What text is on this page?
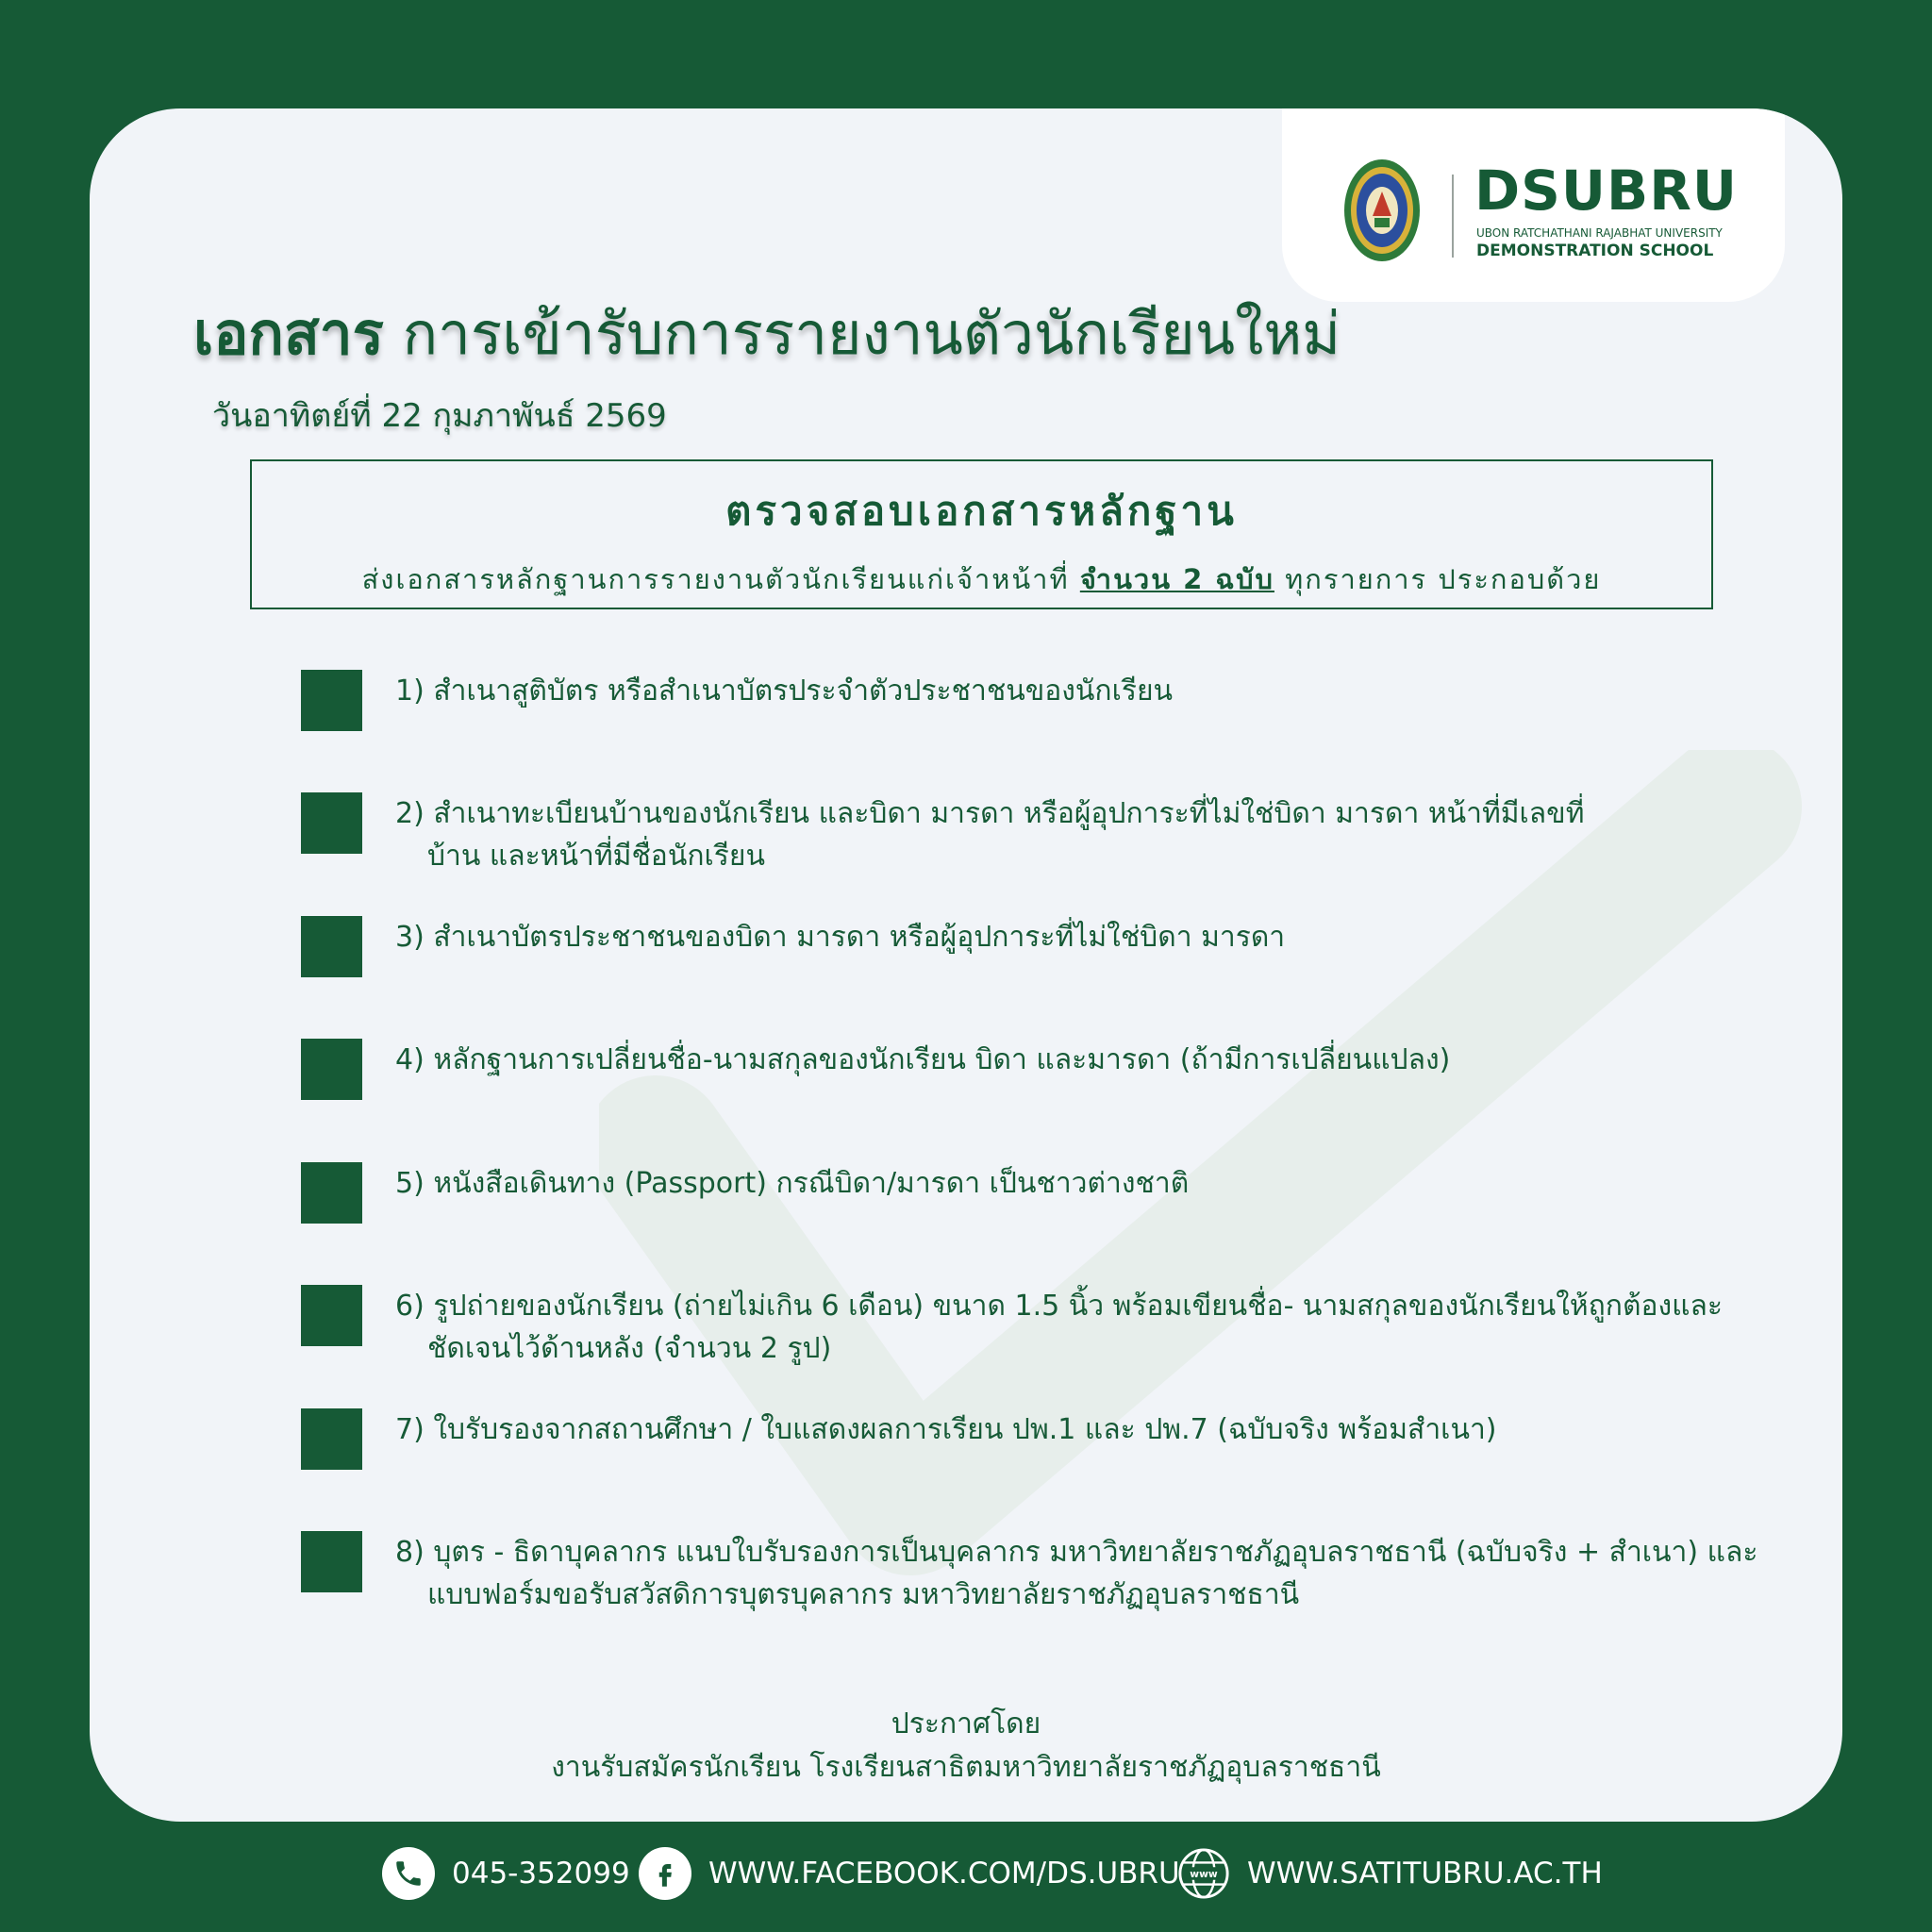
DSUBRU
UBON RATCHATHANI RAJABHAT UNIVERSITY
DEMONSTRATION SCHOOL
เอกสาร การเข้ารับการรายงานตัวนักเรียนใหม่
วันอาทิตย์ที่ 22 กุมภาพันธ์ 2569
ตรวจสอบเอกสารหลักฐาน
ส่งเอกสารหลักฐานการรายงานตัวนักเรียนแก่เจ้าหน้าที่ จำนวน 2 ฉบับ ทุกรายการ ประกอบด้วย
1) สำเนาสูติบัตร หรือสำเนาบัตรประจำตัวประชาชนของนักเรียน
2) สำเนาทะเบียนบ้านของนักเรียน และบิดา มารดา หรือผู้อุปการะที่ไม่ใช่บิดา มารดา หน้าที่มีเลขที่บ้าน และหน้าที่มีชื่อนักเรียน
3) สำเนาบัตรประชาชนของบิดา มารดา หรือผู้อุปการะที่ไม่ใช่บิดา มารดา
4) หลักฐานการเปลี่ยนชื่อ-นามสกุลของนักเรียน บิดา และมารดา (ถ้ามีการเปลี่ยนแปลง)
5) หนังสือเดินทาง (Passport) กรณีบิดา/มารดา เป็นชาวต่างชาติ
6) รูปถ่ายของนักเรียน (ถ่ายไม่เกิน 6 เดือน) ขนาด 1.5 นิ้ว พร้อมเขียนชื่อ- นามสกุลของนักเรียนให้ถูกต้องและ ชัดเจนไว้ด้านหลัง (จำนวน 2 รูป)
7) ใบรับรองจากสถานศึกษา / ใบแสดงผลการเรียน ปพ.1 และ ปพ.7 (ฉบับจริง พร้อมสำเนา)
8) บุตร - ธิดาบุคลากร แนบใบรับรองการเป็นบุคลากร มหาวิทยาลัยราชภัฏอุบลราชธานี (ฉบับจริง + สำเนา) และแบบฟอร์มขอรับสวัสดิการบุตรบุคลากร มหาวิทยาลัยราชภัฏอุบลราชธานี
ประกาศโดย
งานรับสมัครนักเรียน โรงเรียนสาธิตมหาวิทยาลัยราชภัฏอุบลราชธานี
045-352099	WWW.FACEBOOK.COM/DS.UBRU www WWW.SATITUBRU.AC.TH
